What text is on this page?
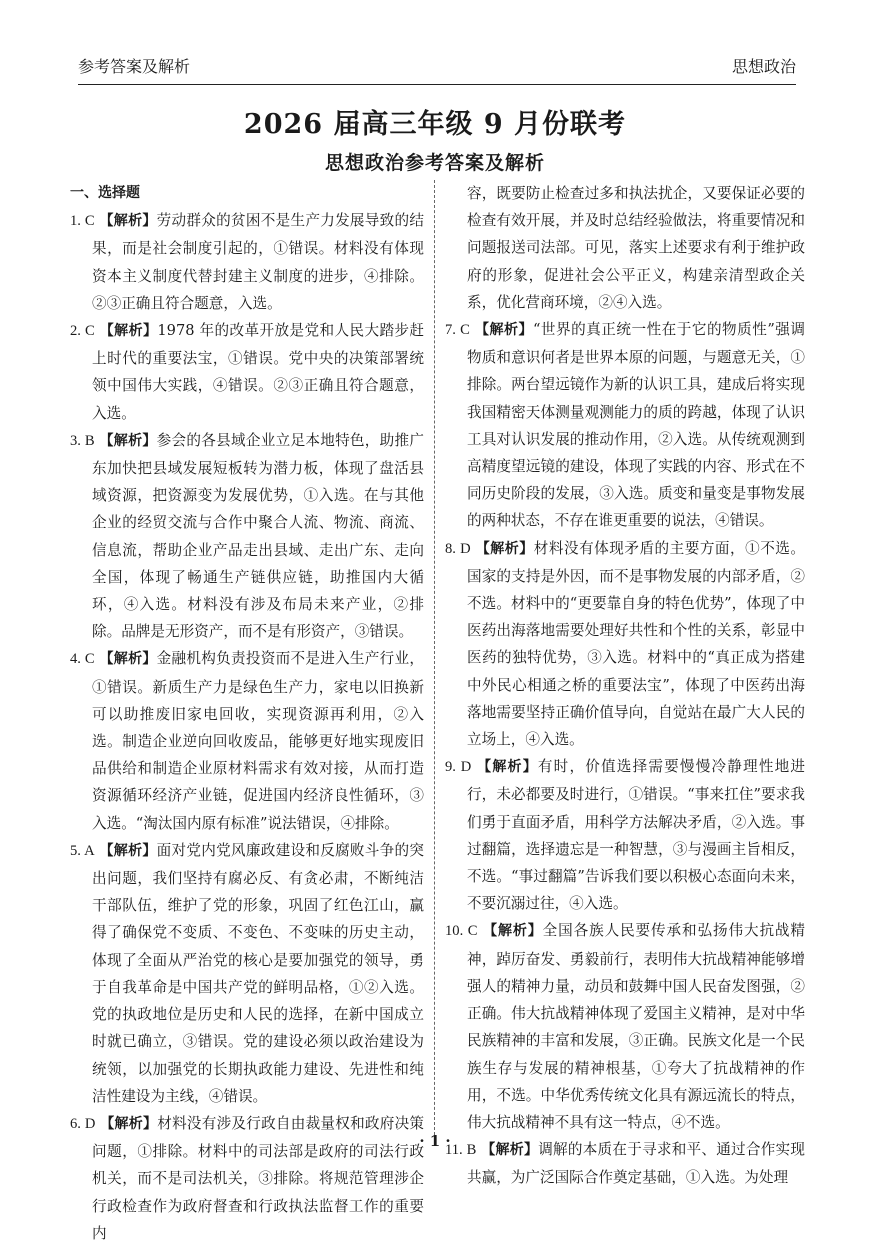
参考答案及解析	思想政治
2026 届高三年级 9 月份联考
思想政治参考答案及解析

一、选择题

1. C 【解析】劳动群众的贫困不是生产力发展导致的结果，而是社会制度引起的，①错误。材料没有体现资本主义制度代替封建主义制度的进步，④排除。②③正确且符合题意，入选。

2. C 【解析】1978 年的改革开放是党和人民大踏步赶上时代的重要法宝，①错误。党中央的决策部署统领中国伟大实践，④错误。②③正确且符合题意，入选。

3. B 【解析】参会的各县域企业立足本地特色，助推广东加快把县域发展短板转为潜力板，体现了盘活县域资源，把资源变为发展优势，①入选。在与其他企业的经贸交流与合作中聚合人流、物流、商流、信息流，帮助企业产品走出县域、走出广东、走向全国，体现了畅通生产链供应链，助推国内大循环，④入选。材料没有涉及布局未来产业，②排除。品牌是无形资产，而不是有形资产，③错误。

4. C 【解析】金融机构负责投资而不是进入生产行业，①错误。新质生产力是绿色生产力，家电以旧换新可以助推废旧家电回收，实现资源再利用，②入选。制造企业逆向回收废品，能够更好地实现废旧品供给和制造企业原材料需求有效对接，从而打造资源循环经济产业链，促进国内经济良性循环，③入选。“淘汰国内原有标准”说法错误，④排除。

5. A 【解析】面对党内党风廉政建设和反腐败斗争的突出问题，我们坚持有腐必反、有贪必肃，不断纯洁干部队伍，维护了党的形象，巩固了红色江山，赢得了确保党不变质、不变色、不变味的历史主动，体现了全面从严治党的核心是要加强党的领导，勇于自我革命是中国共产党的鲜明品格，①②入选。党的执政地位是历史和人民的选择，在新中国成立时就已确立，③错误。党的建设必须以政治建设为统领，以加强党的长期执政能力建设、先进性和纯洁性建设为主线，④错误。

6. D 【解析】材料没有涉及行政自由裁量权和政府决策问题，①排除。材料中的司法部是政府的司法行政机关，而不是司法机关，③排除。将规范管理涉企行政检查作为政府督查和行政执法监督工作的重要内

容，既要防止检查过多和执法扰企，又要保证必要的检查有效开展，并及时总结经验做法，将重要情况和问题报送司法部。可见，落实上述要求有利于维护政府的形象，促进社会公平正义，构建亲清型政企关系，优化营商环境，②④入选。

7. C 【解析】“世界的真正统一性在于它的物质性”强调物质和意识何者是世界本原的问题，与题意无关，①排除。两台望远镜作为新的认识工具，建成后将实现我国精密天体测量观测能力的质的跨越，体现了认识工具对认识发展的推动作用，②入选。从传统观测到高精度望远镜的建设，体现了实践的内容、形式在不同历史阶段的发展，③入选。质变和量变是事物发展的两种状态，不存在谁更重要的说法，④错误。

8. D 【解析】材料没有体现矛盾的主要方面，①不选。国家的支持是外因，而不是事物发展的内部矛盾，②不选。材料中的“更要靠自身的特色优势”，体现了中医药出海落地需要处理好共性和个性的关系，彰显中医药的独特优势，③入选。材料中的“真正成为搭建中外民心相通之桥的重要法宝”，体现了中医药出海落地需要坚持正确价值导向，自觉站在最广大人民的立场上，④入选。

9. D 【解析】有时，价值选择需要慢慢冷静理性地进行，未必都要及时进行，①错误。“事来扛住”要求我们勇于直面矛盾，用科学方法解决矛盾，②入选。事过翻篇，选择遗忘是一种智慧，③与漫画主旨相反，不选。“事过翻篇”告诉我们要以积极心态面向未来，不要沉溺过往，④入选。

10. C 【解析】全国各族人民要传承和弘扬伟大抗战精神，踔厉奋发、勇毅前行，表明伟大抗战精神能够增强人的精神力量，动员和鼓舞中国人民奋发图强，②正确。伟大抗战精神体现了爱国主义精神，是对中华民族精神的丰富和发展，③正确。民族文化是一个民族生存与发展的精神根基，①夸大了抗战精神的作用，不选。中华优秀传统文化具有源远流长的特点，伟大抗战精神不具有这一特点，④不选。

11. B 【解析】调解的本质在于寻求和平、通过合作实现共赢，为广泛国际合作奠定基础，①入选。为处理

· 1 ·
